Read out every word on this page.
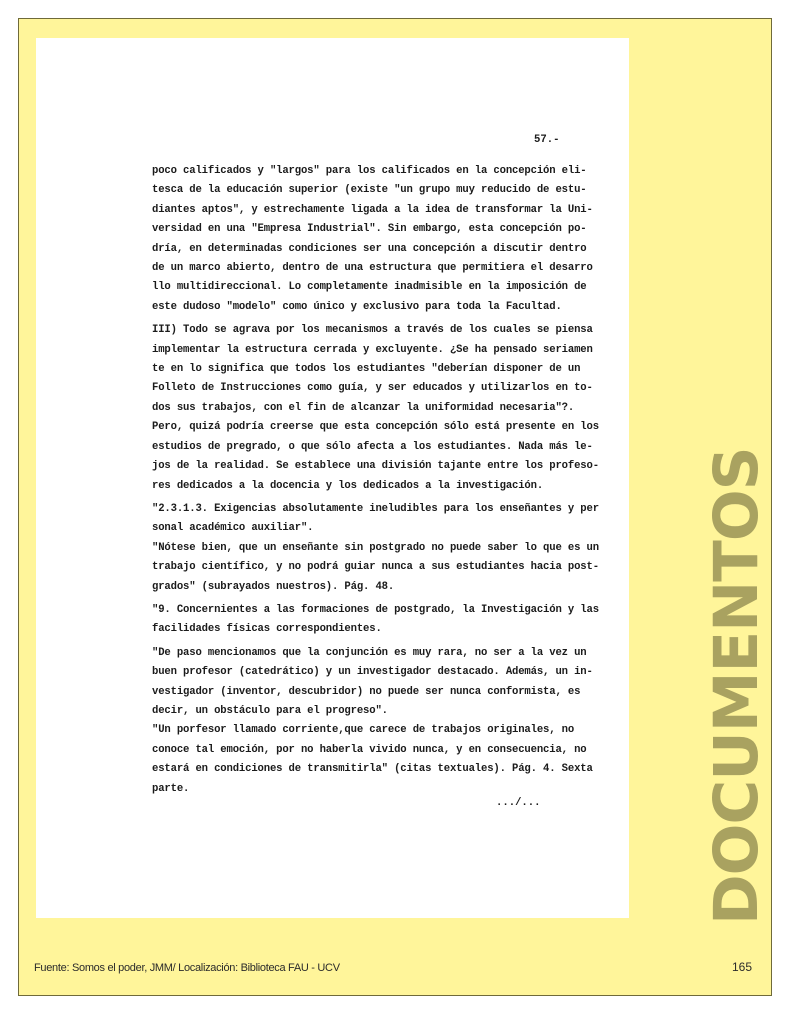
57.-

poco calificados y "largos" para los calificados en la concepción eli-
tesca de la educación superior (existe "un grupo muy reducido de estu-
diantes aptos", y estrechamente ligada a la idea de transformar la Uni-
versidad en una "Empresa Industrial". Sin embargo, esta concepción po-
dría, en determinadas condiciones ser una concepción a discutir dentro
de un marco abierto, dentro de una estructura que permitiera el desarro
llo multidireccional. Lo completamente inadmisible en la imposición de
este dudoso "modelo" como único y exclusivo para toda la Facultad.

III) Todo se agrava por los mecanismos a través de los cuales se piensa
implementar la estructura cerrada y excluyente. ¿Se ha pensado seriamen
te en lo significa que todos los estudiantes "deberían disponer de un
Folleto de Instrucciones como guía, y ser educados y utilizarlos en to-
dos sus trabajos, con el fin de alcanzar la uniformidad necesaria"?.
Pero, quizá podría creerse que esta concepción sólo está presente en los
estudios de pregrado, o que sólo afecta a los estudiantes. Nada más le-
jos de la realidad. Se establece una división tajante entre los profeso-
res dedicados a la docencia y los dedicados a la investigación.

"2.3.1.3. Exigencias absolutamente ineludibles para los enseñantes y per
sonal académico auxiliar".
"Nótese bien, que un enseñante sin postgrado no puede saber lo que es un
trabajo científico, y no podrá guiar nunca a sus estudiantes hacia post-
grados" (subrayados nuestros). Pág. 48.

"9. Concernientes a las formaciones de postgrado, la Investigación y las
facilidades físicas correspondientes.

"De paso mencionamos que la conjunción es muy rara, no ser a la vez un
buen profesor (catedrático) y un investigador destacado. Además, un in-
vestigador (inventor, descubridor) no puede ser nunca conformista, es
decir, un obstáculo para el progreso".
"Un porfesor llamado corriente,que carece de trabajos originales, no
conoce tal emoción, por no haberla vivido nunca, y en consecuencia, no
estará en condiciones de transmitirla" (citas textuales). Pág. 4. Sexta
parte.

.../...	DOCUMENTOS
Fuente: Somos el poder, JMM/ Localización: Biblioteca FAU - UCV	165
